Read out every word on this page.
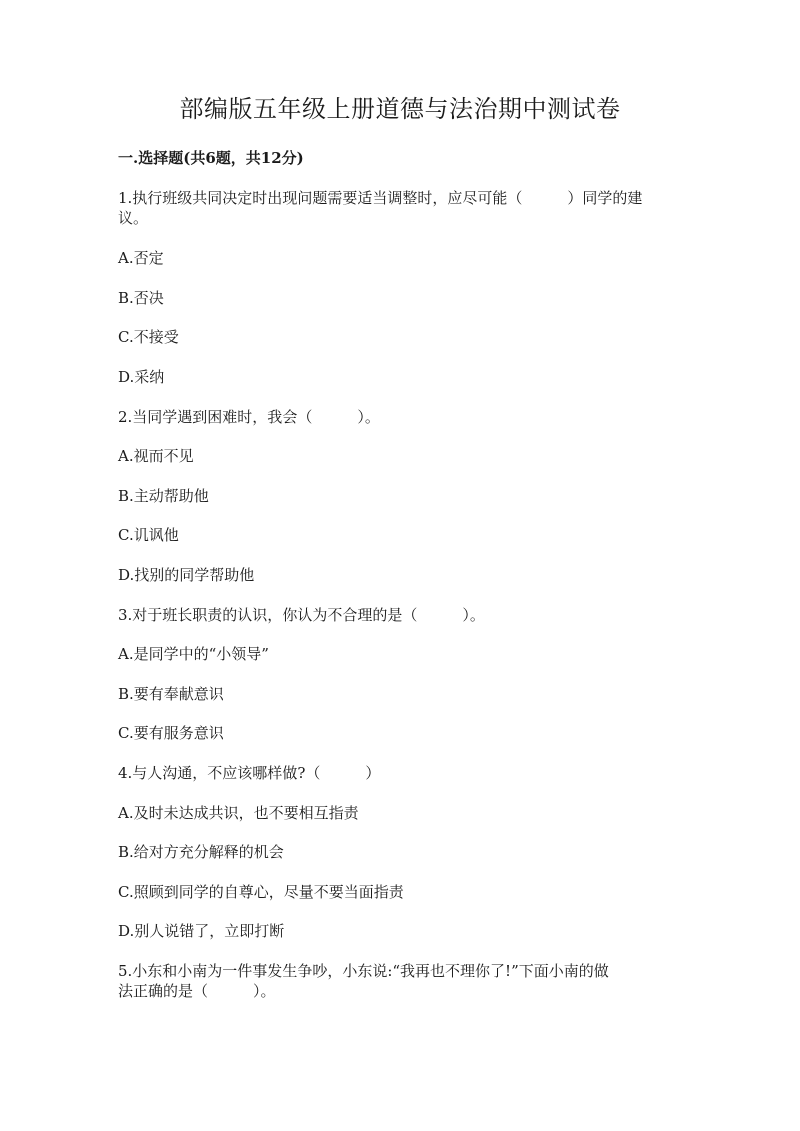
部编版五年级上册道德与法治期中测试卷
一.选择题(共6题，共12分)
1.执行班级共同决定时出现问题需要适当调整时，应尽可能（　　　）同学的建
议。
A.否定
B.否决
C.不接受
D.采纳
2.当同学遇到困难时，我会（　　　）。
A.视而不见
B.主动帮助他
C.讥讽他
D.找别的同学帮助他
3.对于班长职责的认识，你认为不合理的是（　　　）。
A.是同学中的“小领导”
B.要有奉献意识
C.要有服务意识
4.与人沟通，不应该哪样做?（　　　）
A.及时未达成共识，也不要相互指责
B.给对方充分解释的机会
C.照顾到同学的自尊心，尽量不要当面指责
D.别人说错了，立即打断
5.小东和小南为一件事发生争吵，小东说:“我再也不理你了!”下面小南的做
法正确的是（　　　）。
